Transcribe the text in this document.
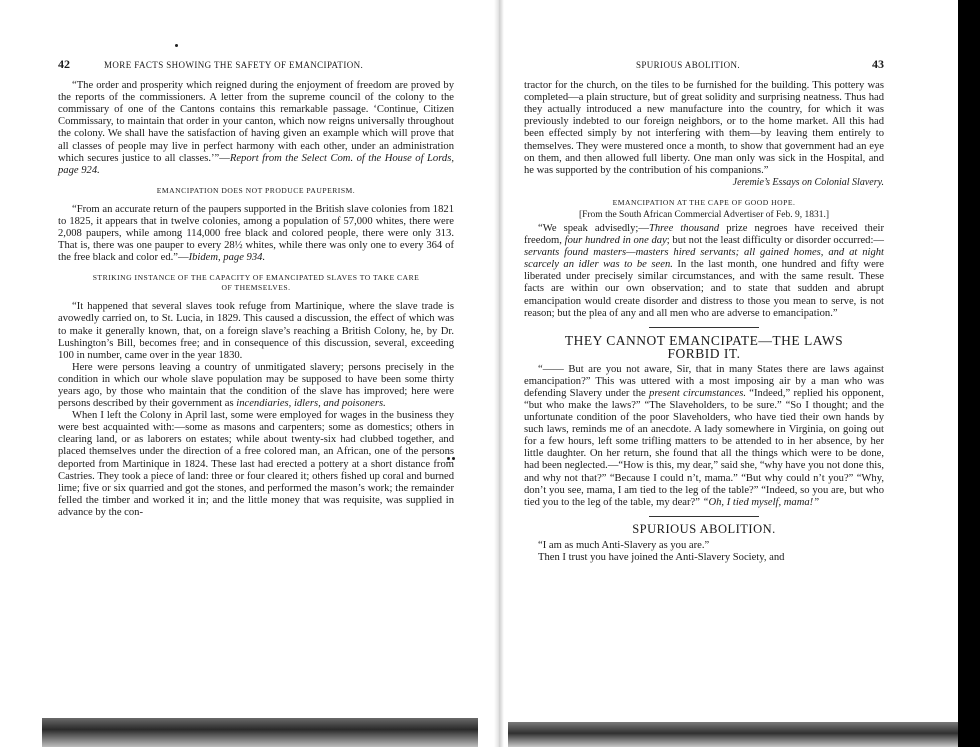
42	MORE FACTS SHOWING THE SAFETY OF EMANCIPATION.

“The order and prosperity which reigned during the enjoyment of freedom are proved by the reports of the commissioners. A letter from the supreme council of the colony to the commissary of one of the Cantons contains this remarkable passage. ‘Continue, Citizen Commissary, to maintain that order in your canton, which now reigns universally throughout the colony. We shall have the satisfaction of having given an example which will prove that all classes of people may live in perfect harmony with each other, under an administration which secures justice to all classes.’”—Report from the Select Com. of the House of Lords, page 924.

EMANCIPATION DOES NOT PRODUCE PAUPERISM.

“From an accurate return of the paupers supported in the British slave colonies from 1821 to 1825, it appears that in twelve colonies, among a population of 57,000 whites, there were 2,008 paupers, while among 114,000 free black and colored people, there were only 313. That is, there was one pauper to every 28½ whites, while there was only one to every 364 of the free black and color ed.”—Ibidem, page 934.

STRIKING INSTANCE OF THE CAPACITY OF EMANCIPATED SLAVES TO TAKE CARE OF THEMSELVES.

“It happened that several slaves took refuge from Martinique, where the slave trade is avowedly carried on, to St. Lucia, in 1829. This caused a discussion, the effect of which was to make it generally known, that, on a foreign slave’s reaching a British Colony, he, by Dr. Lushington’s Bill, becomes free; and in consequence of this discussion, several, exceeding 100 in number, came over in the year 1830.

Here were persons leaving a country of unmitigated slavery; persons precisely in the condition in which our whole slave population may be supposed to have been some thirty years ago, by those who maintain that the condition of the slave has improved; here were persons described by their government as incendiaries, idlers, and poisoners.

When I left the Colony in April last, some were employed for wages in the business they were best acquainted with:—some as masons and carpenters; some as domestics; others in clearing land, or as laborers on estates; while about twenty-six had clubbed together, and placed themselves under the direction of a free colored man, an African, one of the persons deported from Martinique in 1824. These last had erected a pottery at a short distance from Castries. They took a piece of land: three or four cleared it; others fished up coral and burned lime; five or six quarried and got the stones, and performed the mason’s work; the remainder felled the timber and worked it in; and the little money that was requisite, was supplied in advance by the con-

SPURIOUS ABOLITION.	43

tractor for the church, on the tiles to be furnished for the building. This pottery was completed—a plain structure, but of great solidity and surprising neatness. Thus had they actually introduced a new manufacture into the country, for which it was previously indebted to our foreign neighbors, or to the home market. All this had been effected simply by not interfering with them—by leaving them entirely to themselves. They were mustered once a month, to show that government had an eye on them, and then allowed full liberty. One man only was sick in the Hospital, and he was supported by the contribution of his companions.”

Jeremie’s Essays on Colonial Slavery.
EMANCIPATION AT THE CAPE OF GOOD HOPE.
[From the South African Commercial Advertiser of Feb. 9, 1831.]

“We speak advisedly;—Three thousand prize negroes have received their freedom, four hundred in one day; but not the least difficulty or disorder occurred:—servants found masters—masters hired servants; all gained homes, and at night scarcely an idler was to be seen. In the last month, one hundred and fifty were liberated under precisely similar circumstances, and with the same result. These facts are within our own observation; and to state that sudden and abrupt emancipation would create disorder and distress to those you mean to serve, is not reason; but the plea of any and all men who are adverse to emancipation.”

THEY CANNOT EMANCIPATE—THE LAWS FORBID IT.

“—— But are you not aware, Sir, that in many States there are laws against emancipation?” This was uttered with a most imposing air by a man who was defending Slavery under the present circumstances. “Indeed,” replied his opponent, “but who make the laws?” “The Slaveholders, to be sure.” “So I thought; and the unfortunate condition of the poor Slaveholders, who have tied their own hands by such laws, reminds me of an anecdote. A lady somewhere in Virginia, on going out for a few hours, left some trifling matters to be attended to in her absence, by her little daughter. On her return, she found that all the things which were to be done, had been neglected.—“How is this, my dear,” said she, “why have you not done this, and why not that?” “Because I could n’t, mama.” “But why could n’t you?” “Why, don’t you see, mama, I am tied to the leg of the table?” “Indeed, so you are, but who tied you to the leg of the table, my dear?” “Oh, I tied myself, mama!”

SPURIOUS ABOLITION.

“I am as much Anti-Slavery as you are.”

Then I trust you have joined the Anti-Slavery Society, and
